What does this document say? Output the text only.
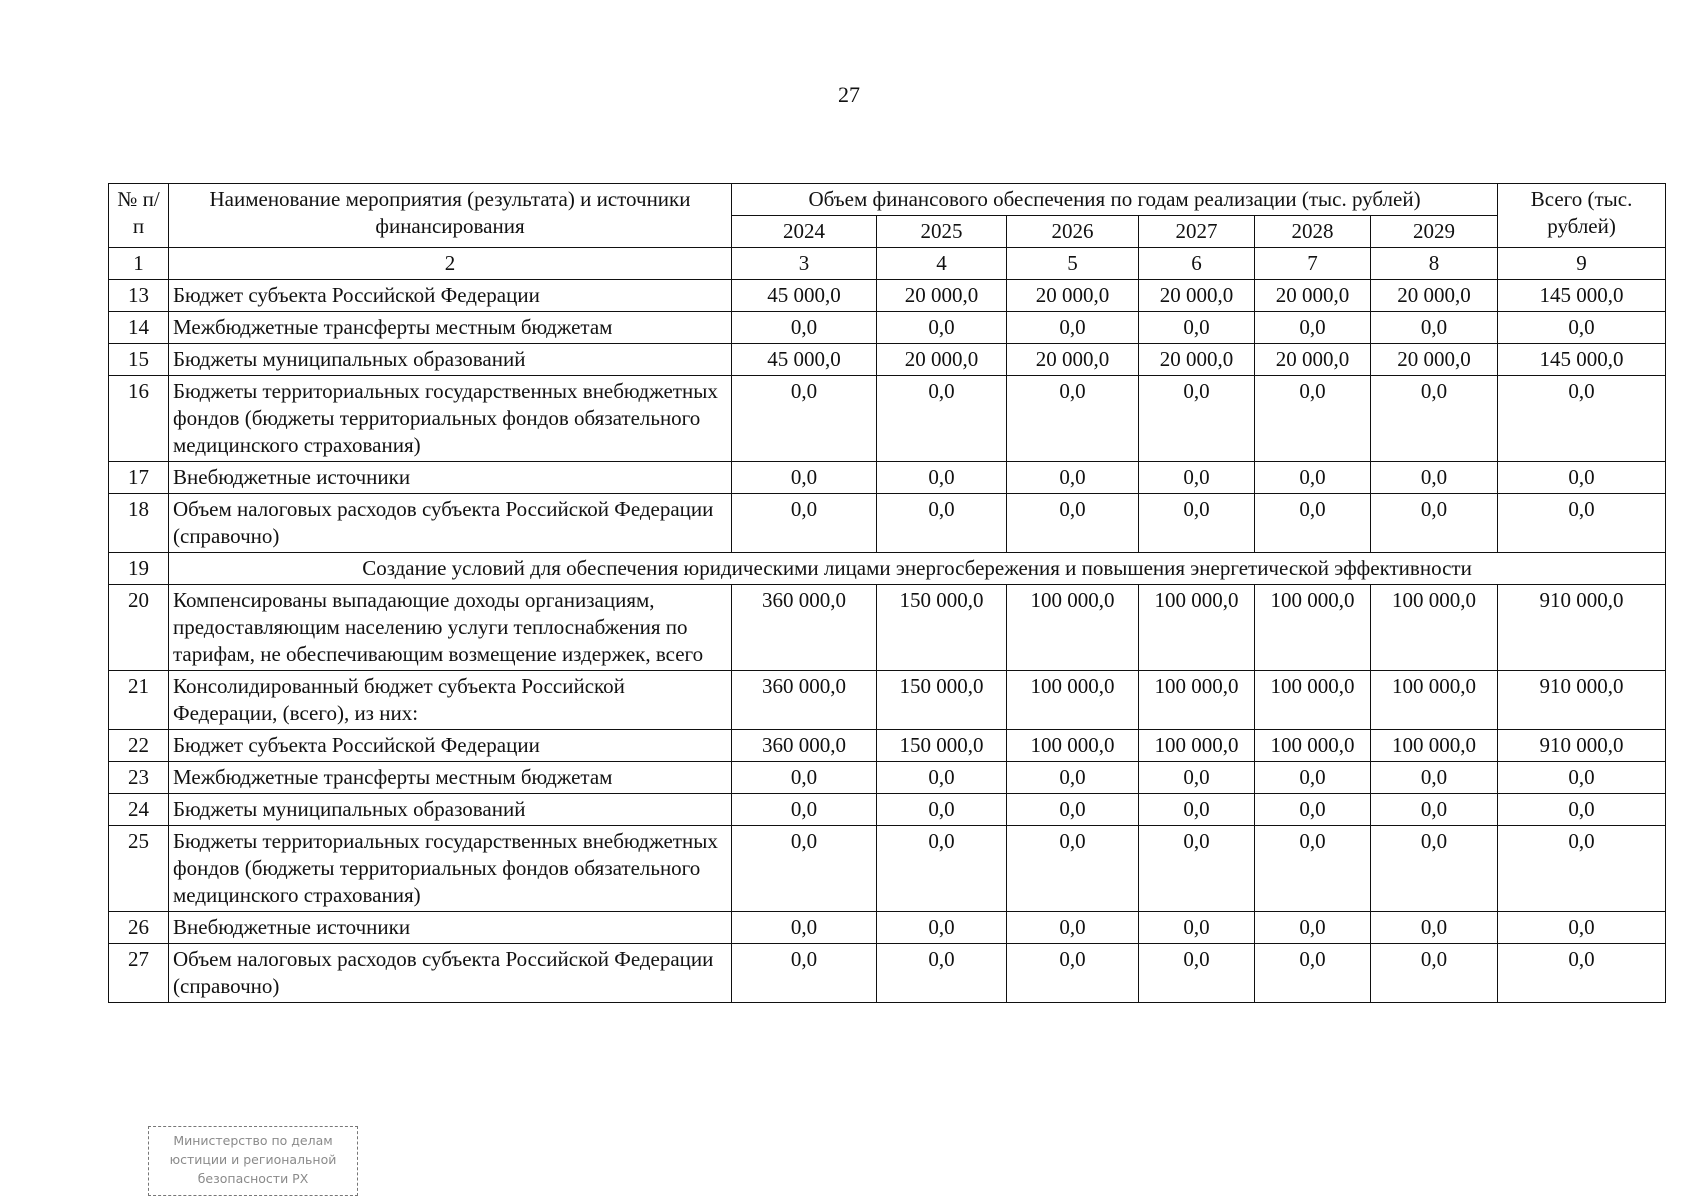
27
№ п/п	Наименование мероприятия (результата) и источники финансирования	Объем финансового обеспечения по годам реализации (тыс. рублей)						Всего (тыс. рублей)
		2024	2025	2026	2027	2028	2029	
1	2	3	4	5	6	7	8	9
13	Бюджет субъекта Российской Федерации	45 000,0	20 000,0	20 000,0	20 000,0	20 000,0	20 000,0	145 000,0
14	Межбюджетные трансферты местным бюджетам	0,0	0,0	0,0	0,0	0,0	0,0	0,0
15	Бюджеты муниципальных образований	45 000,0	20 000,0	20 000,0	20 000,0	20 000,0	20 000,0	145 000,0
16	Бюджеты территориальных государственных внебюджетных фондов (бюджеты территориальных фондов обязательного медицинского страхования)	0,0	0,0	0,0	0,0	0,0	0,0	0,0
17	Внебюджетные источники	0,0	0,0	0,0	0,0	0,0	0,0	0,0
18	Объем налоговых расходов субъекта Российской Федерации (справочно)	0,0	0,0	0,0	0,0	0,0	0,0	0,0
19	Создание условий для обеспечения юридическими лицами энергосбережения и повышения энергетической эффективности							
20	Компенсированы выпадающие доходы организациям, предоставляющим населению услуги теплоснабжения по тарифам, не обеспечивающим возмещение издержек, всего	360 000,0	150 000,0	100 000,0	100 000,0	100 000,0	100 000,0	910 000,0
21	Консолидированный бюджет субъекта Российской Федерации, (всего), из них:	360 000,0	150 000,0	100 000,0	100 000,0	100 000,0	100 000,0	910 000,0
22	Бюджет субъекта Российской Федерации	360 000,0	150 000,0	100 000,0	100 000,0	100 000,0	100 000,0	910 000,0
23	Межбюджетные трансферты местным бюджетам	0,0	0,0	0,0	0,0	0,0	0,0	0,0
24	Бюджеты муниципальных образований	0,0	0,0	0,0	0,0	0,0	0,0	0,0
25	Бюджеты территориальных государственных внебюджетных фондов (бюджеты территориальных фондов обязательного медицинского страхования)	0,0	0,0	0,0	0,0	0,0	0,0	0,0
26	Внебюджетные источники	0,0	0,0	0,0	0,0	0,0	0,0	0,0
27	Объем налоговых расходов субъекта Российской Федерации (справочно)	0,0	0,0	0,0	0,0	0,0	0,0	0,0
Министерство по делам
юстиции и региональной
безопасности РХ
